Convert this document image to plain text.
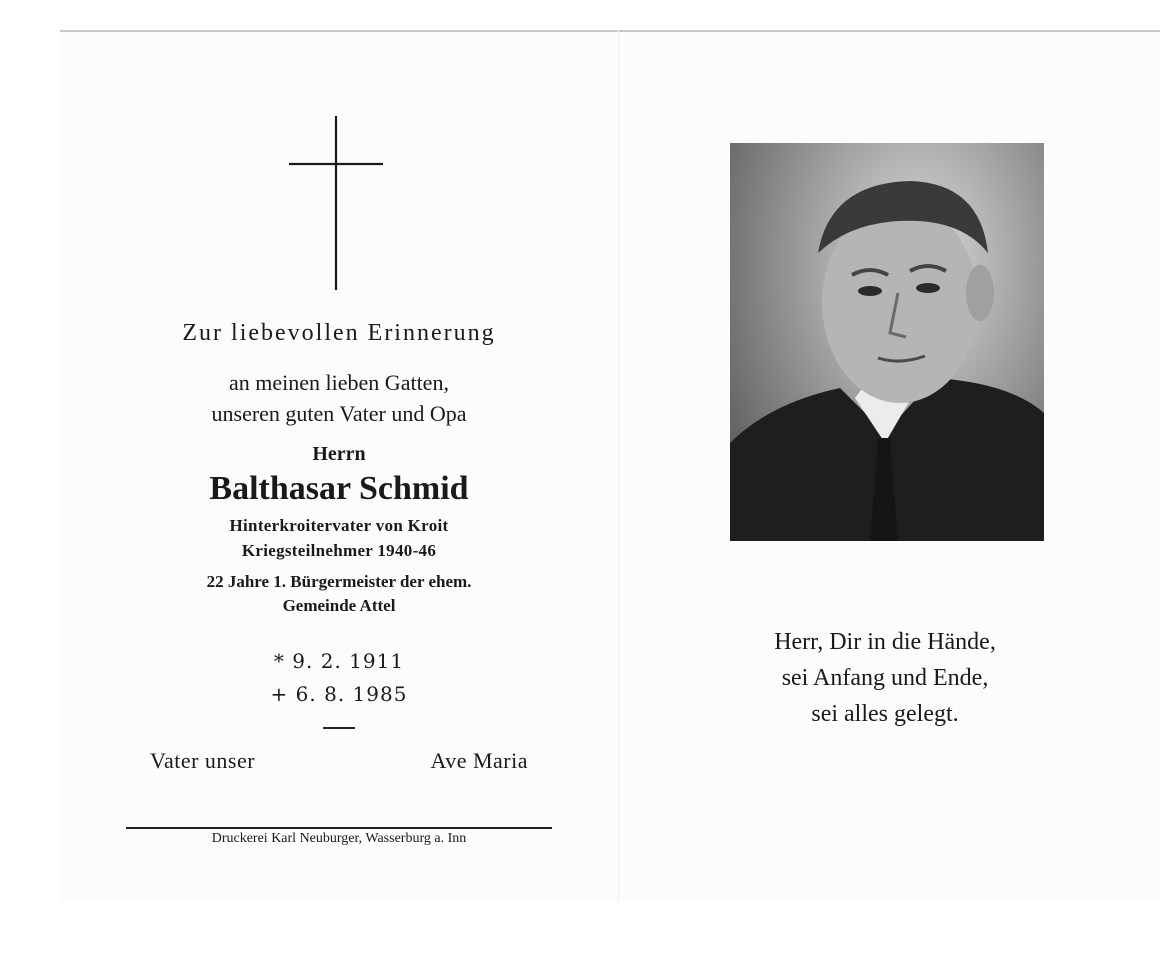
Zur liebevollen Erinnerung
an meinen lieben Gatten,
unseren guten Vater und Opa
Herrn
Balthasar Schmid
Hinterkroitervater von Kroit
Kriegsteilnehmer 1940-46
22 Jahre 1. Bürgermeister der ehem.
Gemeinde Attel
* 9. 2. 1911
+ 6. 8. 1985
Vater unser	Ave Maria
Druckerei Karl Neuburger, Wasserburg a. Inn
Herr, Dir in die Hände,
sei Anfang und Ende,
sei alles gelegt.
